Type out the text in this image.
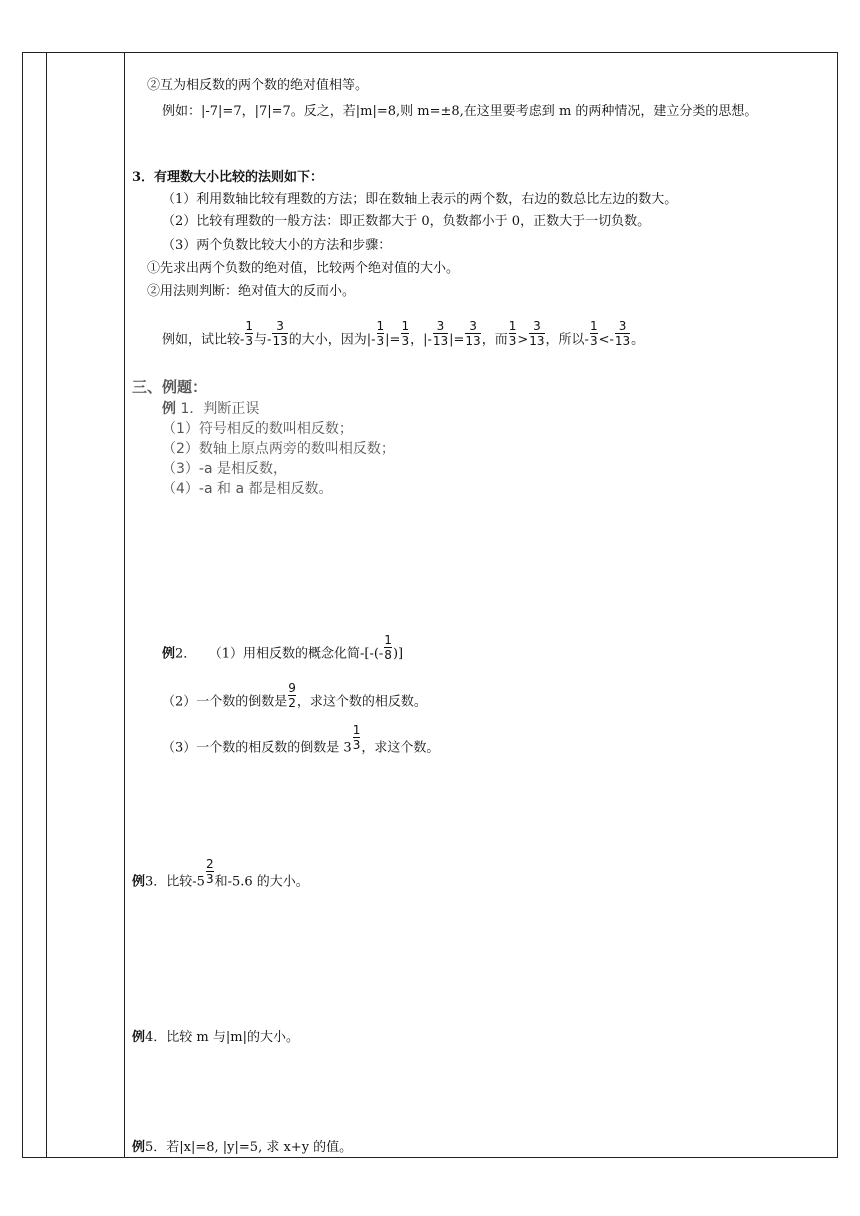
②互为相反数的两个数的绝对值相等。
例如：|-7|=7，|7|=7。反之，若|m|=8,则 m=±8,在这里要考虑到 m 的两种情况，建立分类的思想。
3．有理数大小比较的法则如下：
（1）利用数轴比较有理数的方法；即在数轴上表示的两个数，右边的数总比左边的数大。
（2）比较有理数的一般方法：即正数都大于 0，负数都小于 0，正数大于一切负数。
（3）两个负数比较大小的方法和步骤：
①先求出两个负数的绝对值，比较两个绝对值的大小。
②用法则判断：绝对值大的反而小。
例如，试比较- $\frac{1}{3}$ 与- $\frac{3}{13}$ 的大小，因为|- $\frac{1}{3}$ |= $\frac{1}{3}$ ，|- $\frac{3}{13}$ |= $\frac{3}{13}$ ，而 $\frac{1}{3} > \frac{3}{13}$ ，所以- $\frac{1}{3} <- \frac{3}{13}$ 。
三、例题：
例 1．判断正误
（1）符号相反的数叫相反数；
（2）数轴上原点两旁的数叫相反数；
（3）-a 是相反数，
（4）-a 和 a 都是相反数。
例2． （1）用相反数的概念化简-[-(- $\frac{1}{8}$ )]
（2）一个数的倒数是 $\frac{9}{2}$ ，求这个数的相反数。
（3）一个数的相反数的倒数是 $3 \frac{1}{3}$ ，求这个数。
例3．比较$-5 \frac{2}{3}$ 和-5.6 的大小。
例4．比较 m 与|m|的大小。
例5．若|x|=8, |y|=5, 求 x+y 的值。
